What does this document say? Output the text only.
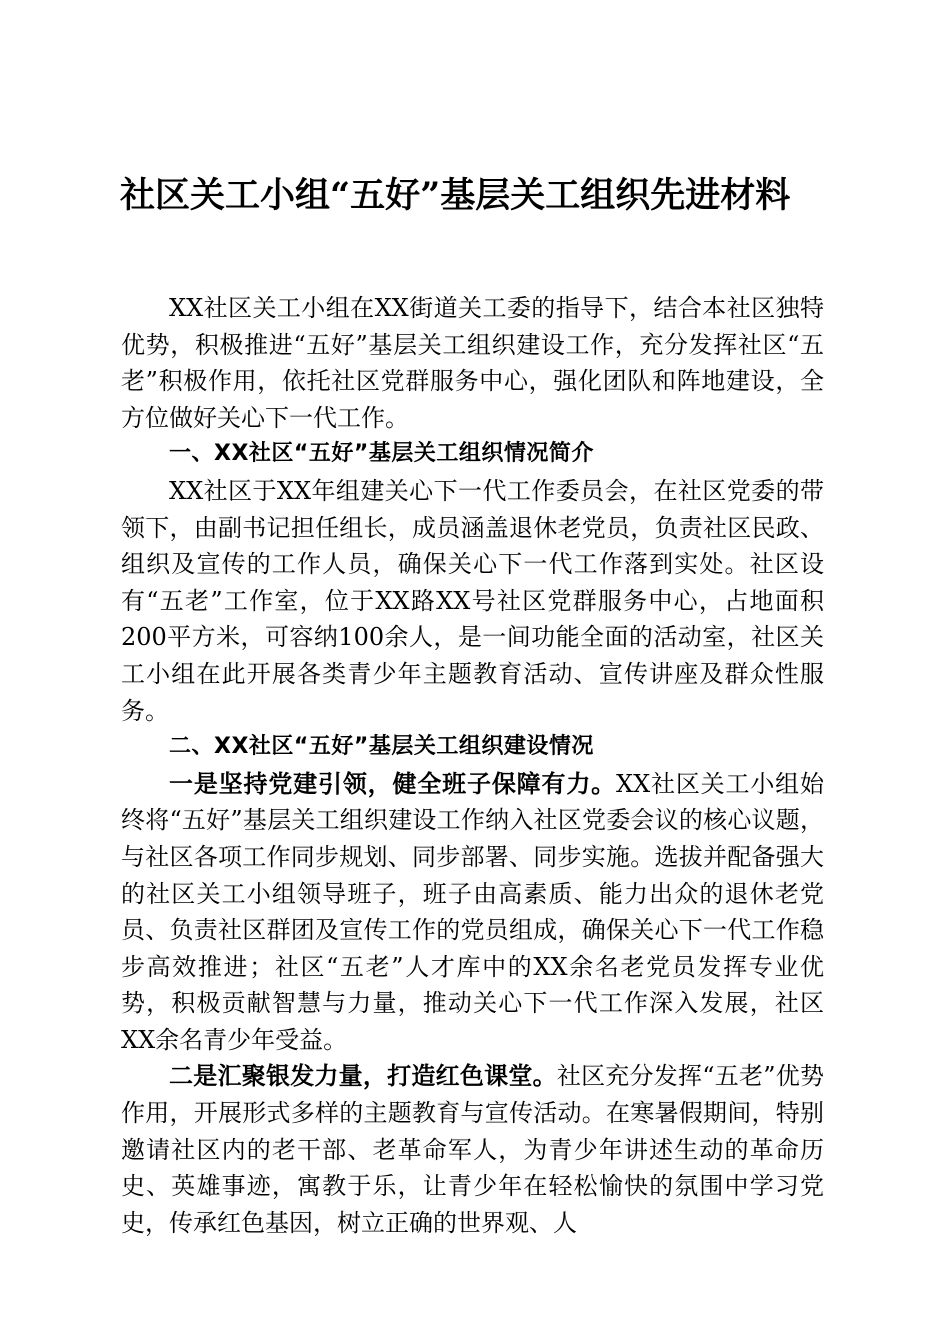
社区关工小组“五好”基层关工组织先进材料

XX社区关工小组在XX街道关工委的指导下，结合本社区独特优势，积极推进“五好”基层关工组织建设工作，充分发挥社区“五老”积极作用，依托社区党群服务中心，强化团队和阵地建设，全方位做好关心下一代工作。

一、XX社区“五好”基层关工组织情况简介

XX社区于XX年组建关心下一代工作委员会，在社区党委的带领下，由副书记担任组长，成员涵盖退休老党员，负责社区民政、组织及宣传的工作人员，确保关心下一代工作落到实处。社区设有“五老”工作室，位于XX路XX号社区党群服务中心，占地面积200平方米，可容纳100余人，是一间功能全面的活动室，社区关工小组在此开展各类青少年主题教育活动、宣传讲座及群众性服务。

二、XX社区“五好”基层关工组织建设情况

一是坚持党建引领，健全班子保障有力。XX社区关工小组始终将“五好”基层关工组织建设工作纳入社区党委会议的核心议题，与社区各项工作同步规划、同步部署、同步实施。选拔并配备强大的社区关工小组领导班子，班子由高素质、能力出众的退休老党员、负责社区群团及宣传工作的党员组成，确保关心下一代工作稳步高效推进；社区“五老”人才库中的XX余名老党员发挥专业优势，积极贡献智慧与力量，推动关心下一代工作深入发展，社区XX余名青少年受益。

二是汇聚银发力量，打造红色课堂。社区充分发挥“五老”优势作用，开展形式多样的主题教育与宣传活动。在寒暑假期间，特别邀请社区内的老干部、老革命军人，为青少年讲述生动的革命历史、英雄事迹，寓教于乐，让青少年在轻松愉快的氛围中学习党史，传承红色基因，树立正确的世界观、人
